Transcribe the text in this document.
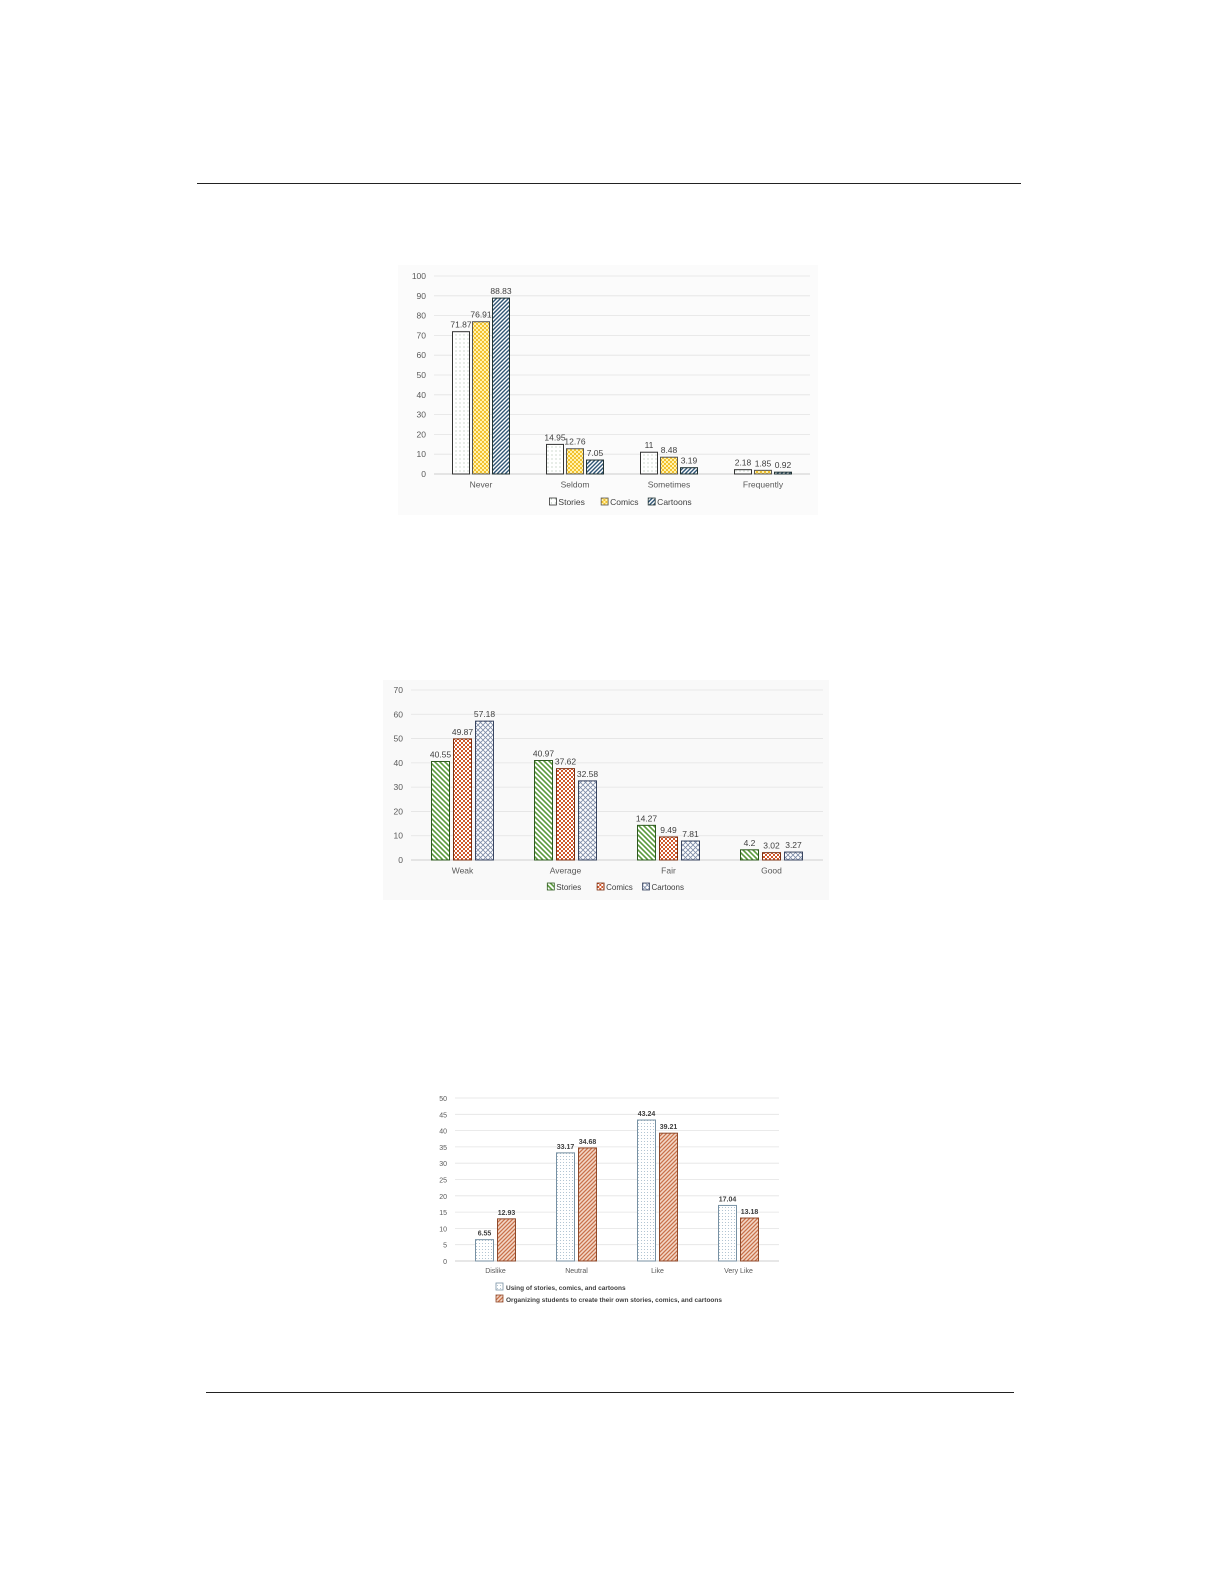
0
10
20
30
40
50
60
70
80
90
100
71.87
76.91
88.83
Never
14.95
12.76
7.05
Seldom
11 8.48
3.19
Sometimes
2.18 1.85 0.92
Frequently
Stories	Comics Cartoons
0
10
20
30
40
50
60
70
40.55
49.87
57.18
Weak
40.97
37.62
32.58
Average
14.27
9.49 7.81
Fair
4.2 3.02 3.27
Good
Stories	Comics Cartoons
0
5
10
15
20
25
30
35
40
45
50
6.55
12.93
Dislike
33.17
34.68
Neutral
43.24
39.21
Like
17.04
13.18
Very Like
Using of stories, comics, and cartoons
Organizing students to create their own stories, comics, and cartoons
